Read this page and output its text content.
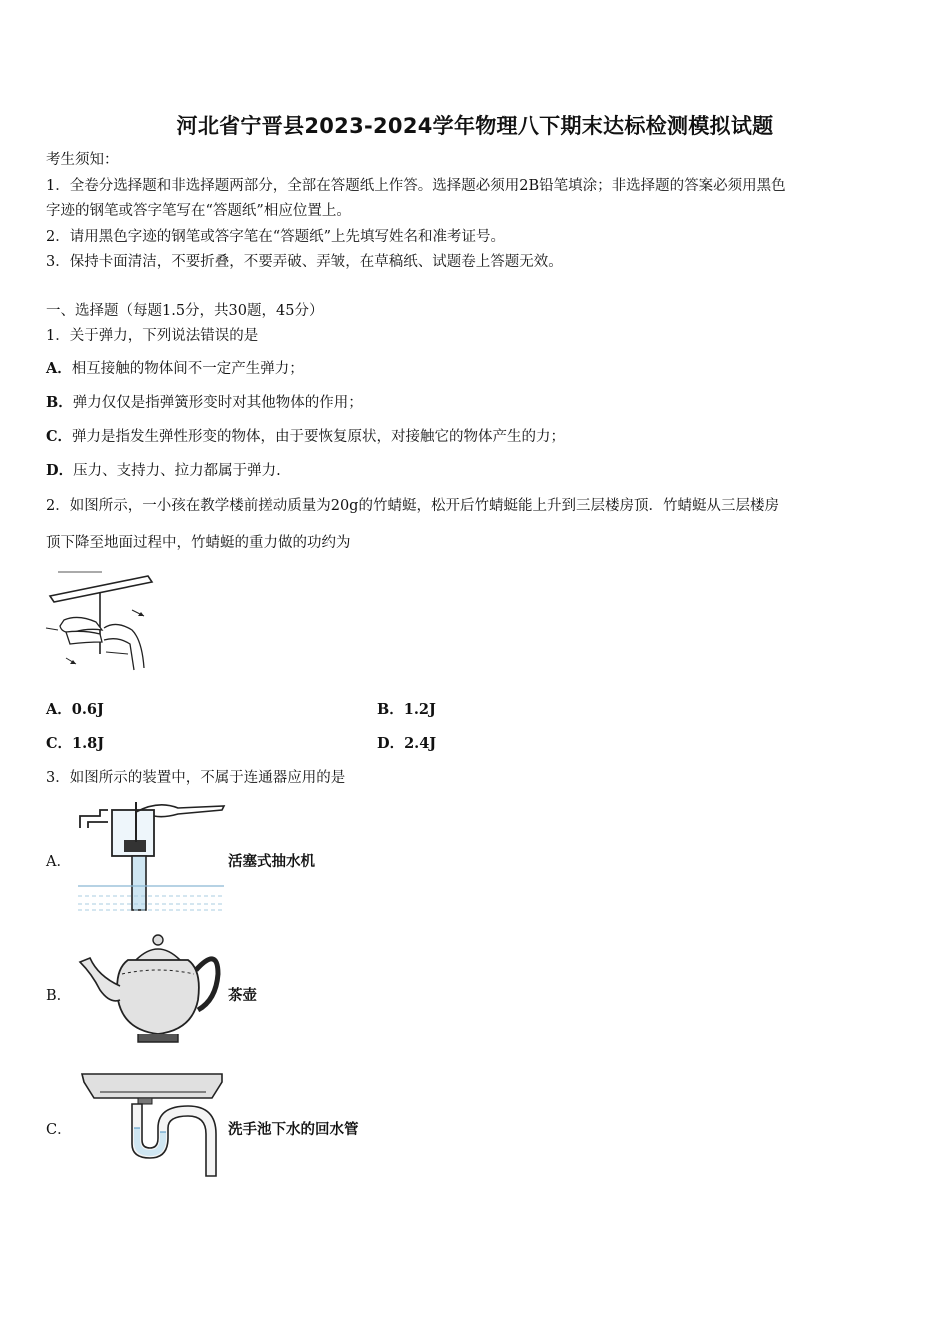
河北省宁晋县2023-2024学年物理八下期末达标检测模拟试题
考生须知：
1．全卷分选择题和非选择题两部分，全部在答题纸上作答。选择题必须用2B铅笔填涂；非选择题的答案必须用黑色
字迹的钢笔或答字笔写在“答题纸”相应位置上。
2．请用黑色字迹的钢笔或答字笔在“答题纸”上先填写姓名和准考证号。
3．保持卡面清洁，不要折叠，不要弄破、弄皱，在草稿纸、试题卷上答题无效。
一、选择题（每题1.5分，共30题，45分）
1．关于弹力，下列说法错误的是
A．相互接触的物体间不一定产生弹力；
B．弹力仅仅是指弹簧形变时对其他物体的作用；
C．弹力是指发生弹性形变的物体，由于要恢复原状，对接触它的物体产生的力；
D．压力、支持力、拉力都属于弹力.
2．如图所示，一小孩在教学楼前搓动质量为20g的竹蜻蜓，松开后竹蜻蜓能上升到三层楼房顶．竹蜻蜓从三层楼房
顶下降至地面过程中，竹蜻蜓的重力做的功约为
A．0.6J	B．1.2J
C．1.8J	D．2.4J
3．如图所示的装置中，不属于连通器应用的是
A．	活塞式抽水机
B．	茶壶
C．	洗手池下水的回水管
